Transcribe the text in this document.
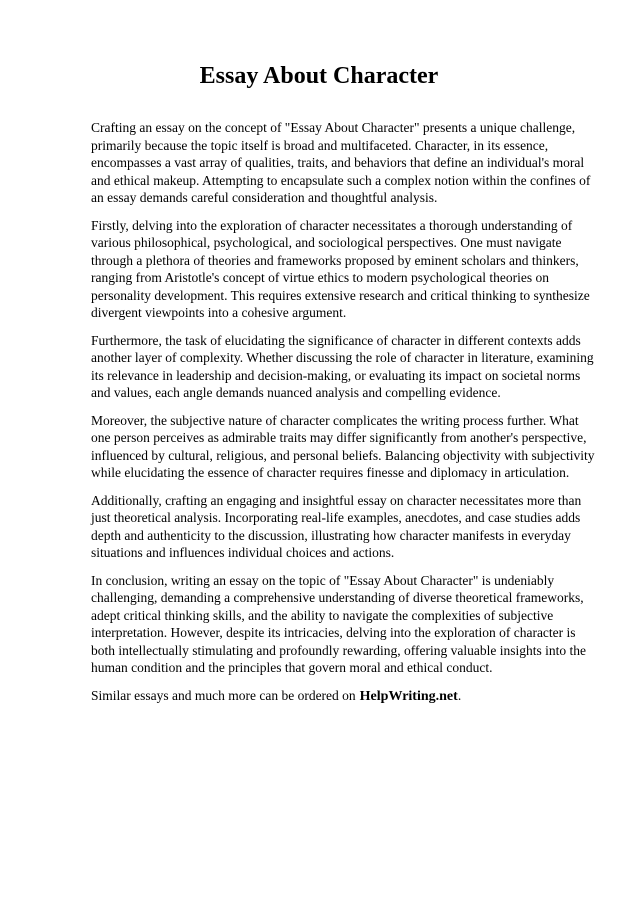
Essay About Character

Crafting an essay on the concept of "Essay About Character" presents a unique challenge, primarily because the topic itself is broad and multifaceted. Character, in its essence, encompasses a vast array of qualities, traits, and behaviors that define an individual's moral and ethical makeup. Attempting to encapsulate such a complex notion within the confines of an essay demands careful consideration and thoughtful analysis.

Firstly, delving into the exploration of character necessitates a thorough understanding of various philosophical, psychological, and sociological perspectives. One must navigate through a plethora of theories and frameworks proposed by eminent scholars and thinkers, ranging from Aristotle's concept of virtue ethics to modern psychological theories on personality development. This requires extensive research and critical thinking to synthesize divergent viewpoints into a cohesive argument.

Furthermore, the task of elucidating the significance of character in different contexts adds another layer of complexity. Whether discussing the role of character in literature, examining its relevance in leadership and decision-making, or evaluating its impact on societal norms and values, each angle demands nuanced analysis and compelling evidence.

Moreover, the subjective nature of character complicates the writing process further. What one person perceives as admirable traits may differ significantly from another's perspective, influenced by cultural, religious, and personal beliefs. Balancing objectivity with subjectivity while elucidating the essence of character requires finesse and diplomacy in articulation.

Additionally, crafting an engaging and insightful essay on character necessitates more than just theoretical analysis. Incorporating real-life examples, anecdotes, and case studies adds depth and authenticity to the discussion, illustrating how character manifests in everyday situations and influences individual choices and actions.

In conclusion, writing an essay on the topic of "Essay About Character" is undeniably challenging, demanding a comprehensive understanding of diverse theoretical frameworks, adept critical thinking skills, and the ability to navigate the complexities of subjective interpretation. However, despite its intricacies, delving into the exploration of character is both intellectually stimulating and profoundly rewarding, offering valuable insights into the human condition and the principles that govern moral and ethical conduct.

Similar essays and much more can be ordered on HelpWriting.net.
